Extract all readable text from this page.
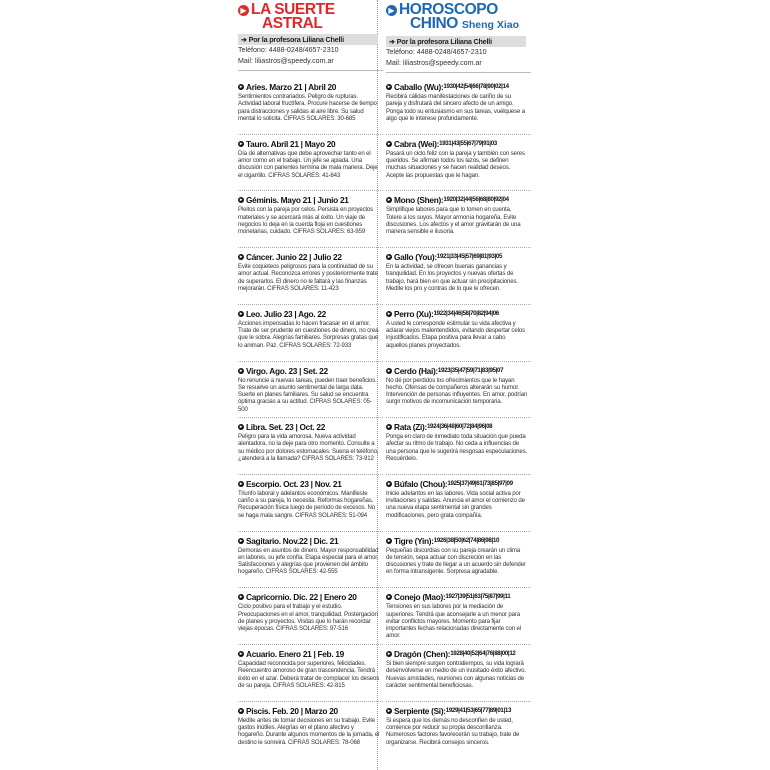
▶ LA SUERTE
ASTRAL
➔ Por la profesora Liliana Chelli
Teléfono: 4488-0248/4657-2310
Mail: liliastros@speedy.com.ar
▶ HOROSCOPO
CHINO Sheng Xiao
➔ Por la profesora Liliana Chelli
Teléfono: 4488-0248/4657-2310
Mail: liliastros@speedy.com.ar
▸ Aries. Marzo 21 | Abril 20
Sentimientos contrariados. Peligro de rupturas. Actividad laboral fructífera. Procure hacerse de tiempo para distracciones y salidas al aire libre. Su salud mental lo solicita. CIFRAS SOLARES: 30-685
▸ Tauro. Abril 21 | Mayo 20
Día de alternativas que debe aprovechar tanto en el amor como en el trabajo. Un jefe se apiada. Una discusión con parientes termina de mala manera. Deje el cigarrillo. CIFRAS SOLARES: 41-843
▸ Géminis. Mayo 21 | Junio 21
Pleitos con la pareja por celos. Persista en proyectos materiales y se acercará más al éxito. Un viaje de negocios lo deja en la cuerda floja en cuestiones monetarias, cuidado. CIFRAS SOLARES: 63-959
▸ Cáncer. Junio 22 | Julio 22
Evite coqueteos peligrosos para la continuidad de su amor actual. Reconozca errores y posteriormente trate de superarlos. El dinero no le faltará y las finanzas mejorarán. CIFRAS SOLARES: 11-423
▸ Leo. Julio 23 | Ago. 22
Acciones impensadas lo hacen fracasar en el amor. Trate de ser prudente en cuestiones de dinero, no crea que le sobra. Alegrías familiares. Sorpresas gratas que lo animan. Paz. CIFRAS SOLARES: 72-933
▸ Virgo. Ago. 23 | Set. 22
No renuncie a nuevas tareas, pueden traer beneficios. Se resuelve un asunto sentimental de larga data. Suerte en planes familiares. Su salud se encuentra óptima gracias a su actitud. CIFRAS SOLARES: 05-500
▸ Libra. Set. 23 | Oct. 22
Peligro para la vida amorosa. Nueva actividad alentadora, no la deje para otro momento. Consulte a su médico por dolores estomacales. Suena el teléfono, ¿atenderá a la llamada? CIFRAS SOLARES: 73-912
▸ Escorpio. Oct. 23 | Nov. 21
Triunfo laboral y adelantos económicos. Manifieste cariño a su pareja, lo necesita. Reformas hogareñas. Recuperación física luego de período de excesos. No se haga mala sangre. CIFRAS SOLARES: 51-094
▸ Sagitario. Nov.22 | Dic. 21
Demoras en asuntos de dinero. Mayor responsabilidad en labores, su jefe confía. Etapa especial para el amor. Satisfacciones y alegrías que provienen del ámbito hogareño. CIFRAS SOLARES: 42-555
▸ Capricornio. Dic. 22 | Enero 20
Ciclo positivo para el trabajo y el estudio. Preocupaciones en el amor, tranquilidad. Postergación de planes y proyectos. Visitas que lo harán recordar viejas épocas. CIFRAS SOLARES: 97-516
▸ Acuario. Enero 21 | Feb. 19
Capacidad reconocida por superiores, felicidades. Reencuentro amoroso de gran trascendencia. Tendrá éxito en el azar. Deberá tratar de complacer los deseos de su pareja. CIFRAS SOLARES: 42-815
▸ Piscis. Feb. 20 | Marzo 20
Medite antes de tomar decisiones en su trabajo. Evite gastos inútiles. Alegrías en el plano afectivo y hogareño. Durante algunos momentos de la jornada, el destino le sonreirá. CIFRAS SOLARES: 78-068
▸ Caballo (Wu): 1930|42|54|66|78|90|02|14
Recibirá cálidas manifestaciones de cariño de su pareja y disfrutará del sincero afecto de un amigo. Ponga todo su entusiasmo en sus tareas, vuélquese a algo que le interese profundamente.
▸ Cabra (Wei): 1931|43|55|67|79|91|03
Pasará un ciclo feliz con la pareja y también con seres queridos. Se afirman todos los lazos, se definen muchas situaciones y se hacen realidad deseos. Acepte las propuestas que le hagan.
▸ Mono (Shen): 1920|32|44|56|68|80|92|04
Simplifique labores para que lo tomen en cuenta. Tolere a los suyos. Mayor armonía hogareña. Evite discusiones. Los afectos y el amor gravitarán de una manera sensible e ilusoria.
▸ Gallo (You): 1921|33|45|57|69|81|93|05
En la actividad, se ofrecen buenas ganancias y tranquilidad. En los proyectos y nuevas ofertas de trabajo, hará bien en que actuar sin precipitaciones. Medite los pro y contras de lo que le ofrecen.
▸ Perro (Xu): 1922|34|46|58|70|82|94|06
A usted le corresponde estimular su vida afectiva y aclarar viejos malentendidos, evitando despertar celos injustificados. Etapa positiva para llevar a cabo aquellos planes proyectados.
▸ Cerdo (Hai): 1923|35|47|59|71|83|95|07
No dé por perdidos los ofrecimientos que le hayan hecho. Ofensas de compañeros alterarán su humor. Intervención de personas influyentes. En amor, podrían surgir motivos de incomunicación temporaria.
▸ Rata (Zi): 1924|36|48|60|72|84|96|08
Ponga en claro de inmediato toda situación que pueda afectar su ritmo de trabajo. No ceda a influencias de una persona que le sugerirá riesgosas especulaciones. Recuérdelo.
▸ Búfalo (Chou): 1925|37|49|61|73|85|97|09
Inicie adelantos en las labores. Vida social activa por invitaciones y salidas. Anuncia el amor el comienzo de una nueva etapa sentimental sin grandes modificaciones, pero grata compañía.
▸ Tigre (Yin): 1926|38|50|62|74|86|98|10
Pequeñas discordias con su pareja crearán un clima de tensión, sepa actuar con discreción en las discusiones y trate de llegar a un acuerdo sin defender en forma intransigente. Sorpresa agradable.
▸ Conejo (Mao): 1927|39|51|63|75|87|99|11
Tensiones en sus labores por la mediación de superiores. Tendrá que aconsejarle a un menor para evitar conflictos mayores. Momento para fijar importantes fechas relacionadas directamente con el amor.
▸ Dragón (Chen): 1928|40|52|64|76|88|00|12
Si bien siempre surgen contratiempos, su vida logrará desenvolverse en medio de un inusitado éxito afectivo. Nuevas amistades, reuniones con algunas noticias de carácter sentimental beneficiosas.
▸ Serpiente (Si): 1929|41|53|65|77|89|01|13
Si espera que los demás no desconfíen de usted, comience por reducir su propia desconfianza. Numerosos factores favorecerán su trabajo, trate de organizarse. Recibirá consejos sinceros.
